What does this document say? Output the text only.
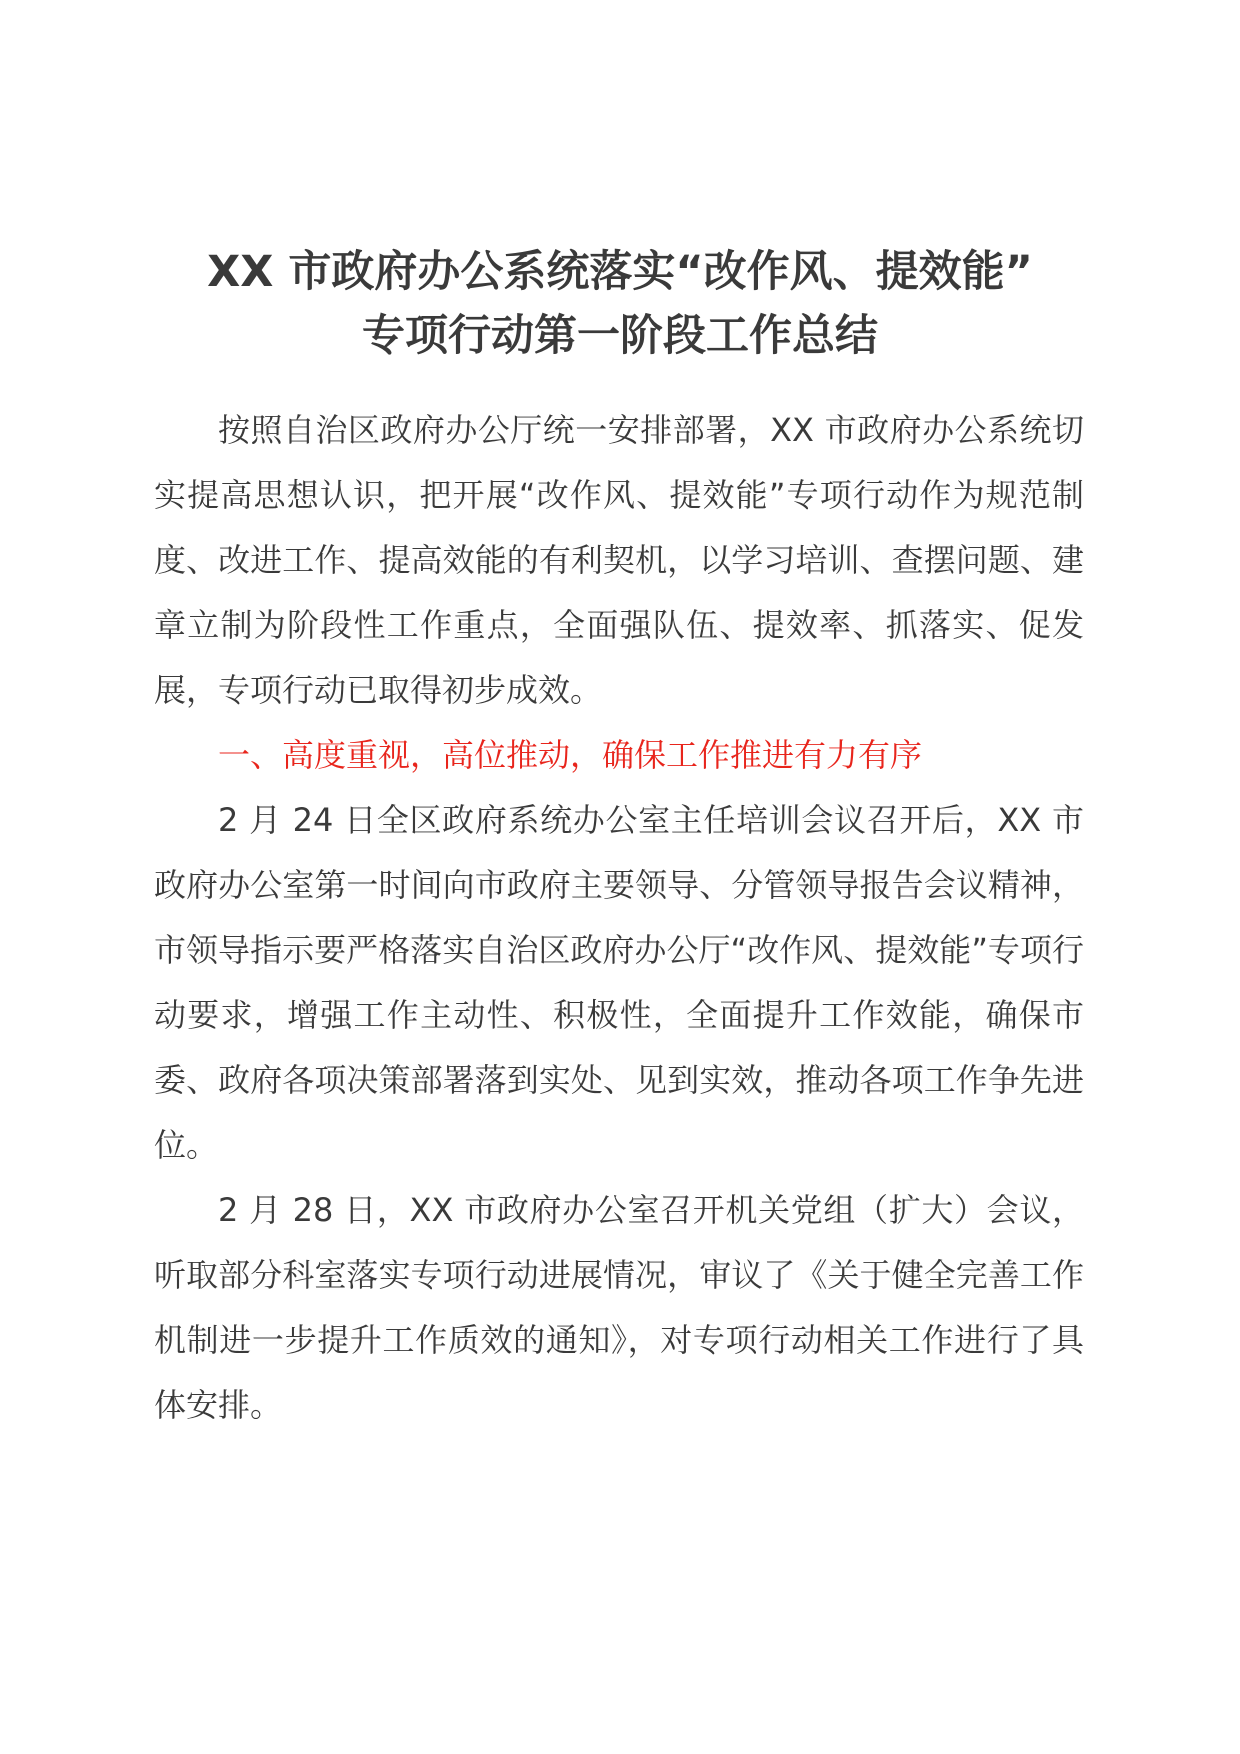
XX 市政府办公系统落实“改作风、提效能”
专项行动第一阶段工作总结

按照自治区政府办公厅统一安排部署，XX 市政府办公系统切实提高思想认识，把开展“改作风、提效能”专项行动作为规范制度、改进工作、提高效能的有利契机，以学习培训、查摆问题、建章立制为阶段性工作重点，全面强队伍、提效率、抓落实、促发展，专项行动已取得初步成效。

一、高度重视，高位推动，确保工作推进有力有序

2 月 24 日全区政府系统办公室主任培训会议召开后，XX 市政府办公室第一时间向市政府主要领导、分管领导报告会议精神，市领导指示要严格落实自治区政府办公厅“改作风、提效能”专项行动要求，增强工作主动性、积极性，全面提升工作效能，确保市委、政府各项决策部署落到实处、见到实效，推动各项工作争先进位。

2 月 28 日，XX 市政府办公室召开机关党组（扩大）会议，听取部分科室落实专项行动进展情况，审议了《关于健全完善工作机制进一步提升工作质效的通知》，对专项行动相关工作进行了具体安排。
